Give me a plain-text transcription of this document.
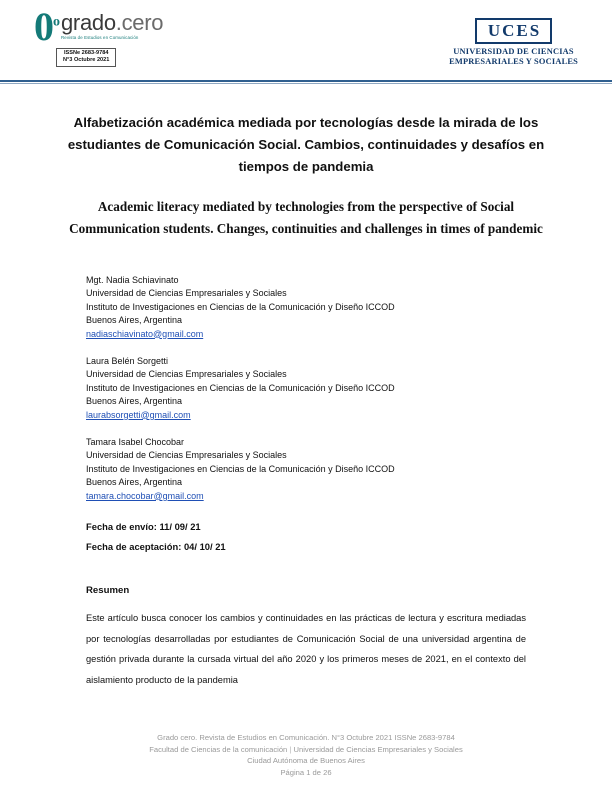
0$^o$ grado.cero
Revista de Estudios en Comunicación
ISSNe 2683-9784
N°3 Octubre 2021
UCES
UNIVERSIDAD DE CIENCIAS
EMPRESARIALES Y SOCIALES
Alfabetización académica mediada por tecnologías desde la mirada de los estudiantes de Comunicación Social. Cambios, continuidades y desafíos en tiempos de pandemia
Academic literacy mediated by technologies from the perspective of Social Communication students. Changes, continuities and challenges in times of pandemic
Mgt. Nadia Schiavinato
Universidad de Ciencias Empresariales y Sociales
Instituto de Investigaciones en Ciencias de la Comunicación y Diseño ICCOD
Buenos Aires, Argentina
nadiaschiavinato@gmail.com
Laura Belén Sorgetti
Universidad de Ciencias Empresariales y Sociales
Instituto de Investigaciones en Ciencias de la Comunicación y Diseño ICCOD
Buenos Aires, Argentina
laurabsorgetti@gmail.com
Tamara Isabel Chocobar
Universidad de Ciencias Empresariales y Sociales
Instituto de Investigaciones en Ciencias de la Comunicación y Diseño ICCOD
Buenos Aires, Argentina
tamara.chocobar@gmail.com
Fecha de envío: 11/ 09/ 21
Fecha de aceptación: 04/ 10/ 21
Resumen
Este artículo busca conocer los cambios y continuidades en las prácticas de lectura y escritura mediadas por tecnologías desarrolladas por estudiantes de Comunicación Social de una universidad argentina de gestión privada durante la cursada virtual del año 2020 y los primeros meses de 2021, en el contexto del aislamiento producto de la pandemia
Grado cero. Revista de Estudios en Comunicación. N°3 Octubre 2021 ISSNe 2683-9784
Facultad de Ciencias de la comunicación | Universidad de Ciencias Empresariales y Sociales
Ciudad Autónoma de Buenos Aires
Página 1 de 26
